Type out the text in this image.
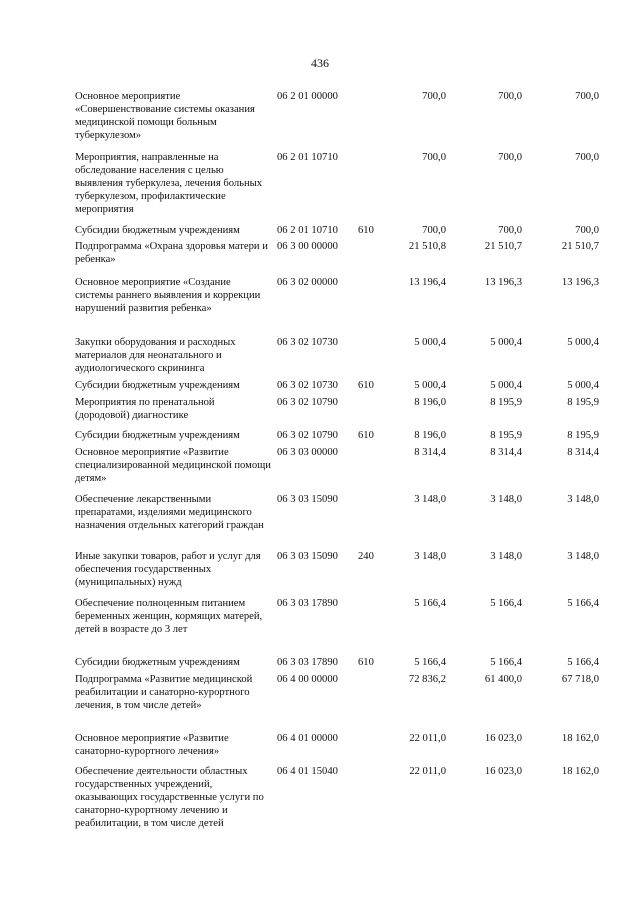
436
Основное мероприятие «Совершенствование системы оказания медицинской помощи больным туберкулезом»
06 2 01 00000	700,0	700,0	700,0
Мероприятия, направленные на обследование населения с целью выявления туберкулеза, лечения больных туберкулезом, профилактические мероприятия
06 2 01 10710	700,0	700,0	700,0
Субсидии бюджетным учреждениям	06 2 01 10710 610	700,0	700,0	700,0
Подпрограмма «Охрана здоровья матери и ребенка»
06 3 00 00000	21 510,8	21 510,7	21 510,7
Основное мероприятие «Создание системы раннего выявления и коррекции нарушений развития ребенка»
06 3 02 00000	13 196,4	13 196,3	13 196,3
Закупки оборудования и расходных материалов для неонатального и аудиологического скрининга
06 3 02 10730	5 000,4	5 000,4	5 000,4
Субсидии бюджетным учреждениям	06 3 02 10730 610	5 000,4	5 000,4	5 000,4
Мероприятия по пренатальной (дородовой) диагностике
06 3 02 10790	8 196,0	8 195,9	8 195,9
Субсидии бюджетным учреждениям	06 3 02 10790 610	8 196,0	8 195,9	8 195,9
Основное мероприятие «Развитие специализированной медицинской помощи детям»
06 3 03 00000	8 314,4	8 314,4	8 314,4
Обеспечение лекарственными препаратами, изделиями медицинского назначения отдельных категорий граждан
06 3 03 15090	3 148,0	3 148,0	3 148,0
Иные закупки товаров, работ и услуг для обеспечения государственных (муниципальных) нужд
06 3 03 15090 240	3 148,0	3 148,0	3 148,0
Обеспечение полноценным питанием беременных женщин, кормящих матерей, детей в возрасте до 3 лет
06 3 03 17890	5 166,4	5 166,4	5 166,4
Субсидии бюджетным учреждениям	06 3 03 17890 610	5 166,4	5 166,4	5 166,4
Подпрограмма «Развитие медицинской реабилитации и санаторно-курортного лечения, в том числе детей»
06 4 00 00000	72 836,2	61 400,0	67 718,0
Основное мероприятие «Развитие санаторно-курортного лечения»
06 4 01 00000	22 011,0	16 023,0	18 162,0
Обеспечение деятельности областных государственных учреждений, оказывающих государственные услуги по санаторно-курортному лечению и реабилитации, в том числе детей
06 4 01 15040	22 011,0	16 023,0	18 162,0
